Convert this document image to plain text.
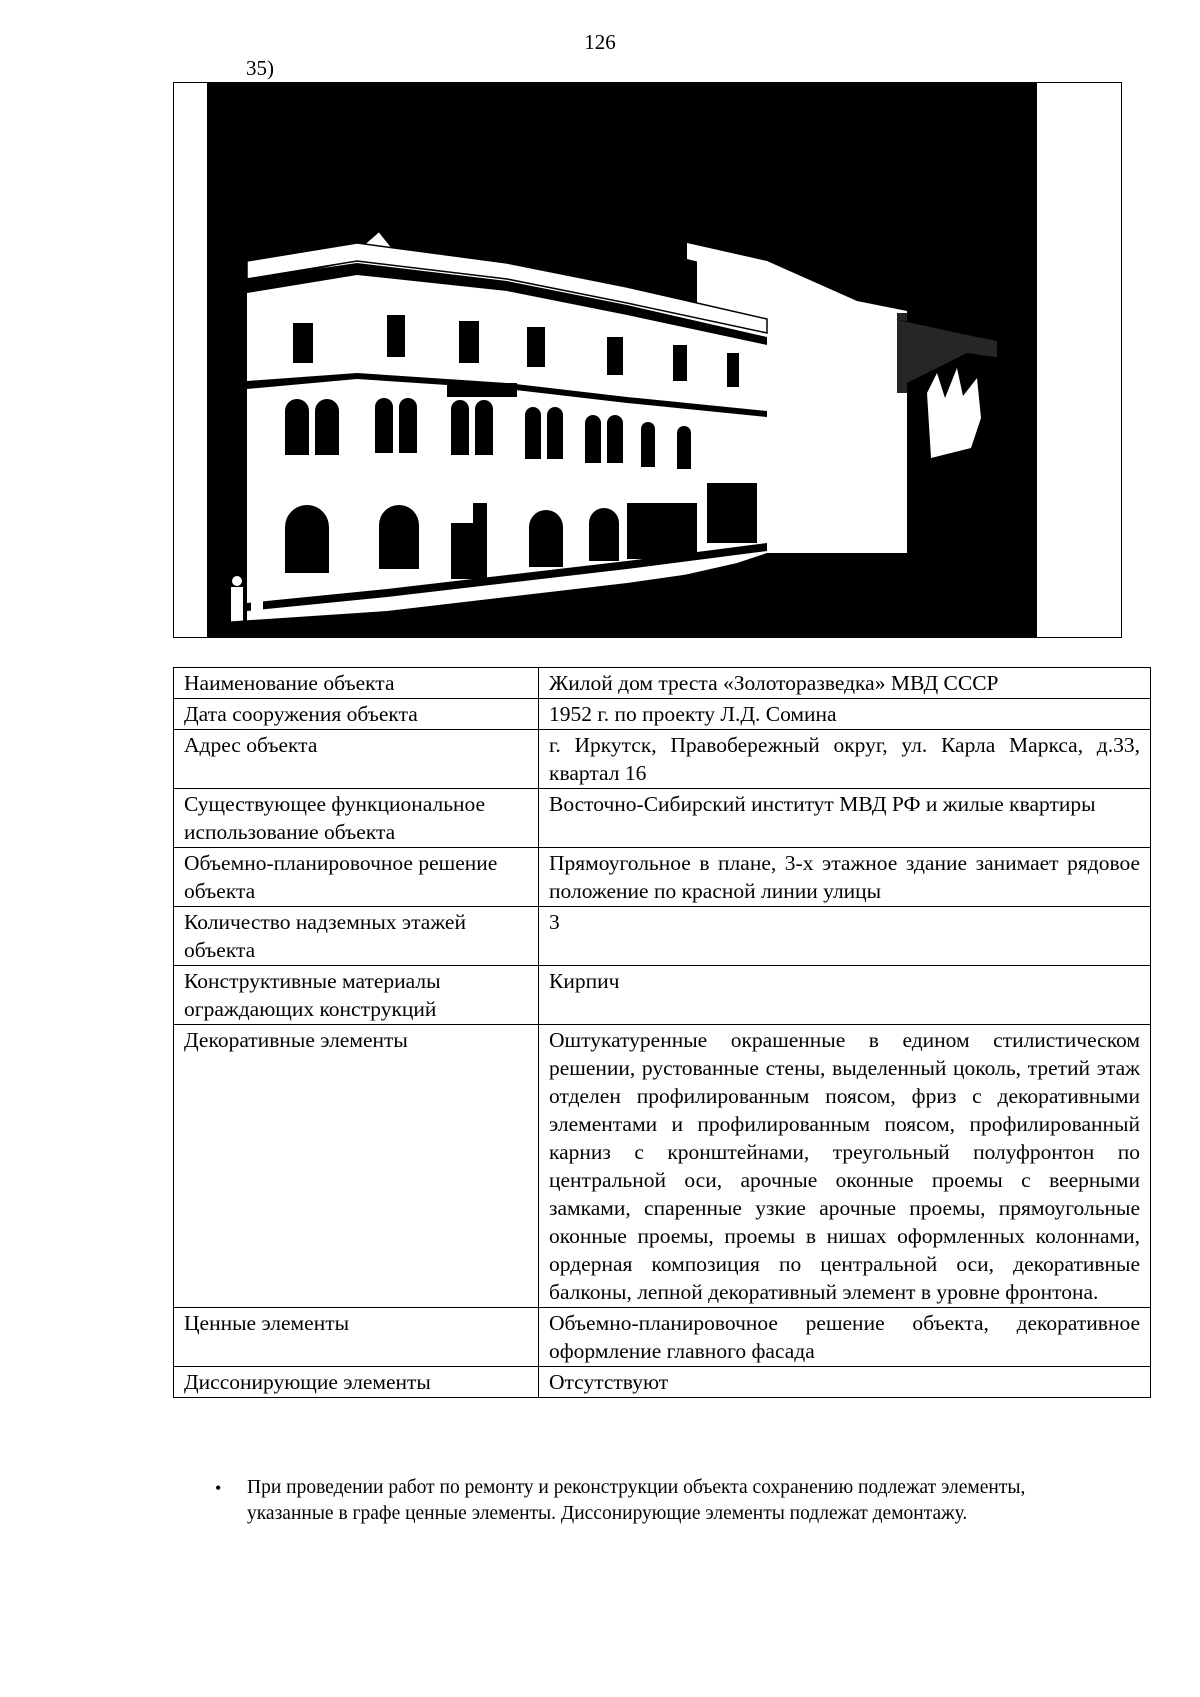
126
35)
Наименование объекта	Жилой дом треста «Золоторазведка» МВД СССР
Дата сооружения объекта	1952 г. по проекту Л.Д. Сомина
Адрес объекта	г. Иркутск, Правобережный округ, ул. Карла Маркса, д.33, квартал 16
Существующее функциональное использование объекта	Восточно-Сибирский институт МВД РФ и жилые квартиры
Объемно-планировочное решение объекта	Прямоугольное в плане, 3-х этажное здание занимает рядовое положение по красной линии улицы
Количество надземных этажей объекта	3
Конструктивные материалы ограждающих конструкций	Кирпич
Декоративные элементы	Оштукатуренные окрашенные в едином стилистическом решении, рустованные стены, выделенный цоколь, третий этаж отделен профилированным поясом, фриз с декоративными элементами и профилированным поясом, профилированный карниз с кронштейнами, треугольный полуфронтон по центральной оси, арочные оконные проемы с веерными замками, спаренные узкие арочные проемы, прямоугольные оконные проемы, проемы в нишах оформленных колоннами, ордерная композиция по центральной оси, декоративные балконы, лепной декоративный элемент в уровне фронтона.
Ценные элементы	Объемно-планировочное решение объекта, декоративное оформление главного фасада
Диссонирующие элементы	Отсутствуют
• При проведении работ по ремонту и реконструкции объекта сохранению подлежат элементы, указанные в графе ценные элементы. Диссонирующие элементы подлежат демонтажу.
